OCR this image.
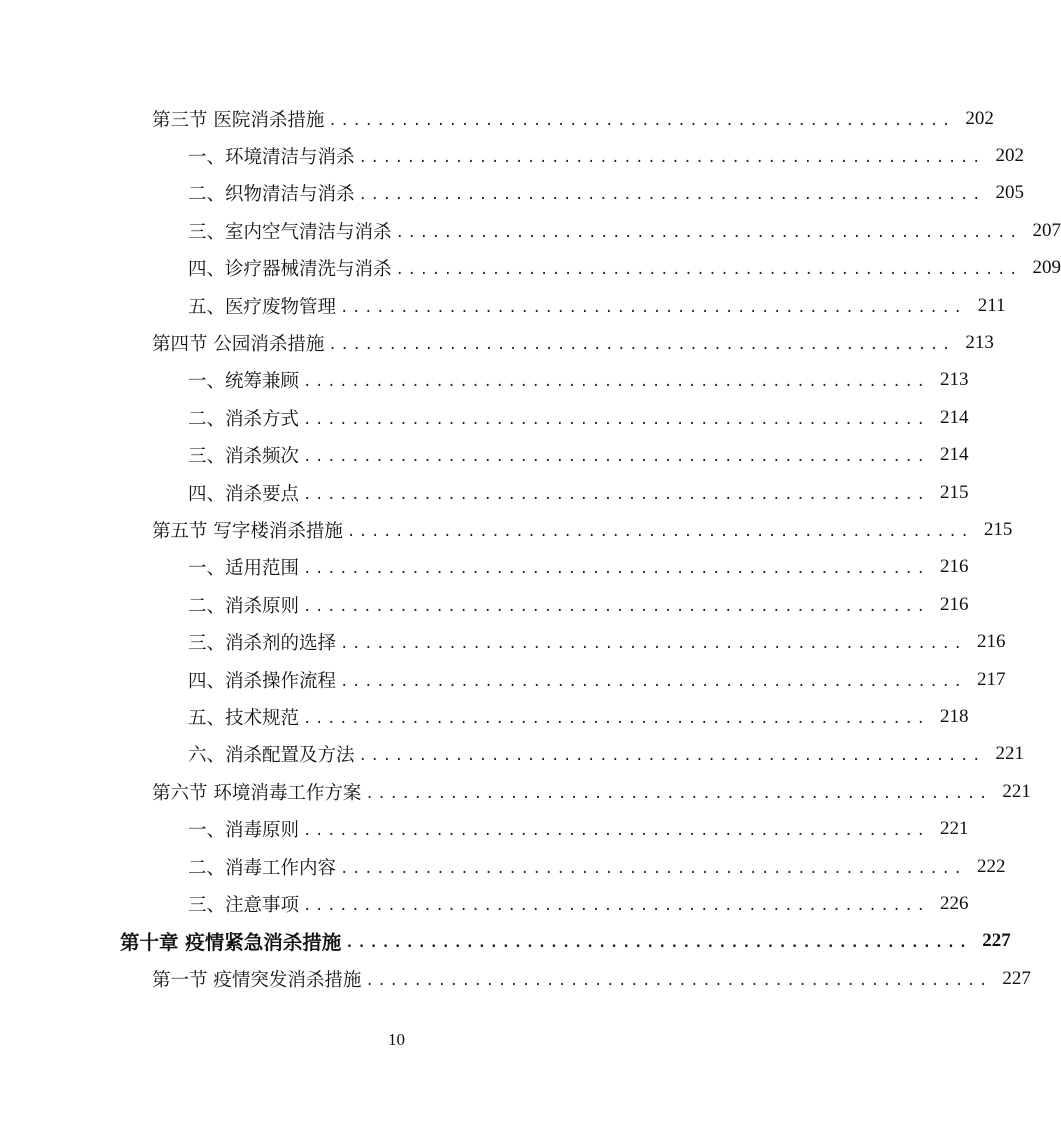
第三节 医院消杀措施 .................................................... 202
一、环境清洁与消杀 .................................................... 202
二、织物清洁与消杀 .................................................... 205
三、室内空气清洁与消杀 .................................................... 207
四、诊疗器械清洗与消杀 .................................................... 209
五、医疗废物管理 .................................................... 211
第四节 公园消杀措施 .................................................... 213
一、统筹兼顾 .................................................... 213
二、消杀方式 .................................................... 214
三、消杀频次 .................................................... 214
四、消杀要点 .................................................... 215
第五节 写字楼消杀措施 .................................................... 215
一、适用范围 .................................................... 216
二、消杀原则 .................................................... 216
三、消杀剂的选择 .................................................... 216
四、消杀操作流程 .................................................... 217
五、技术规范 .................................................... 218
六、消杀配置及方法 .................................................... 221
第六节 环境消毒工作方案 .................................................... 221
一、消毒原则 .................................................... 221
二、消毒工作内容 .................................................... 222
三、注意事项 .................................................... 226
第十章 疫情紧急消杀措施 .................................................... 227
第一节 疫情突发消杀措施 .................................................... 227
10
